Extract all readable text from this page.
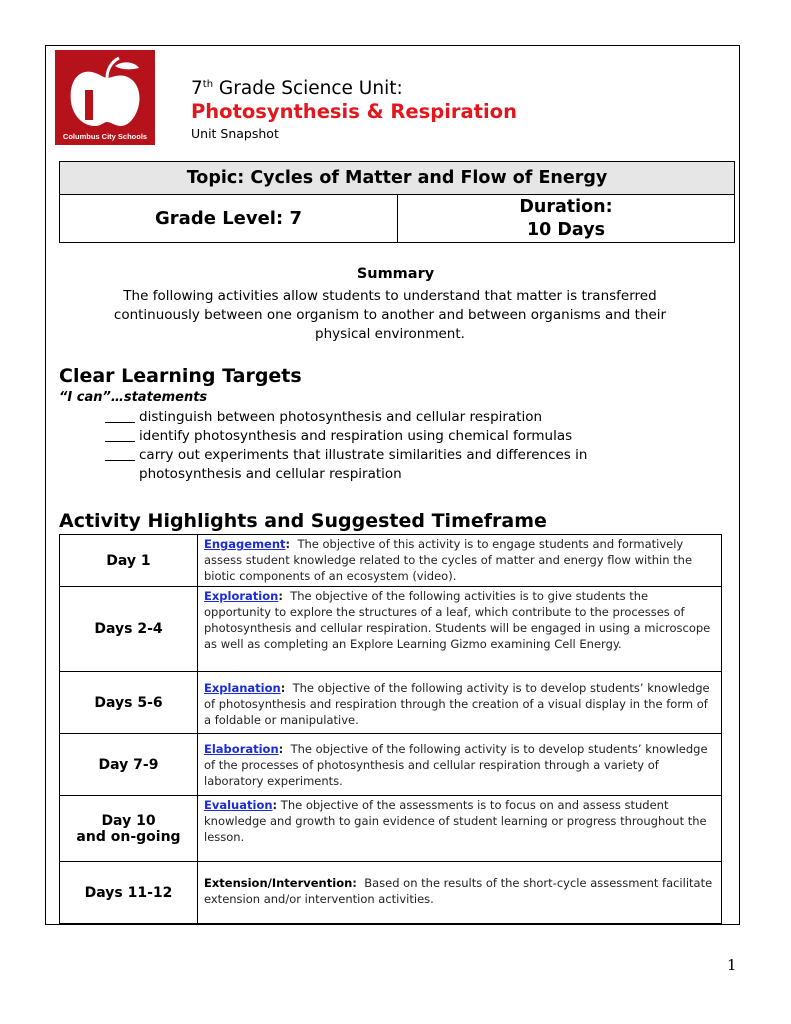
Columbus City Schools
7th Grade Science Unit:
Photosynthesis & Respiration
Unit Snapshot
Topic: Cycles of Matter and Flow of Energy
Grade Level: 7
Duration:
10 Days
Summary
The following activities allow students to understand that matter is transferred continuously between one organism to another and between organisms and their physical environment.
Clear Learning Targets
“I can”…statements
distinguish between photosynthesis and cellular respiration
identify photosynthesis and respiration using chemical formulas
carry out experiments that illustrate similarities and differences in photosynthesis and cellular respiration
Activity Highlights and Suggested Timeframe
Day 1	Engagement: The objective of this activity is to engage students and formatively assess student knowledge related to the cycles of matter and energy flow within the biotic components of an ecosystem (video).
Days 2-4	Exploration: The objective of the following activities is to give students the opportunity to explore the structures of a leaf, which contribute to the processes of photosynthesis and cellular respiration. Students will be engaged in using a microscope as well as completing an Explore Learning Gizmo examining Cell Energy.
Days 5-6	Explanation: The objective of the following activity is to develop students’ knowledge of photosynthesis and respiration through the creation of a visual display in the form of a foldable or manipulative.
Day 7-9	Elaboration: The objective of the following activity is to develop students’ knowledge of the processes of photosynthesis and cellular respiration through a variety of laboratory experiments.

Day 10
and on-going	Evaluation: The objective of the assessments is to focus on and assess student knowledge and growth to gain evidence of student learning or progress throughout the lesson.
Days 11-12	Extension/Intervention: Based on the results of the short-cycle assessment facilitate extension and/or intervention activities.
1
